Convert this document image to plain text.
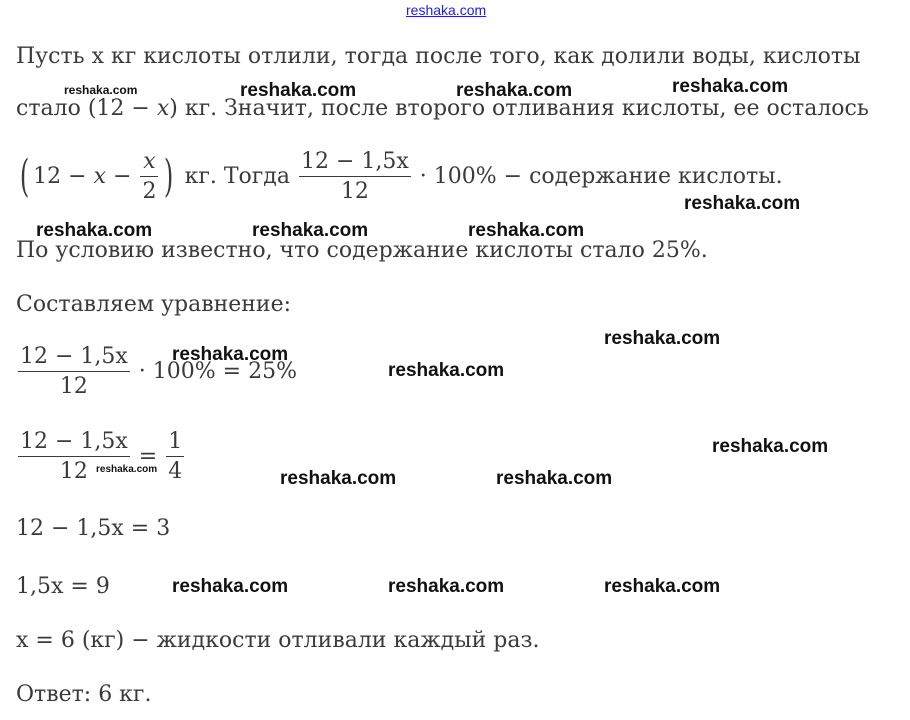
reshaka.com
Пусть x кг кислоты отлили, тогда после того, как долили воды, кислоты
стало (12 − x) кг. Значит, после второго отливания кислоты, ее осталось
( $12 - x - \frac{x}{2}$ ) кг. Тогда $\frac{12 - 1,5x}{12} \cdot 100\%$ − содержание кислоты.
По условию известно, что содержание кислоты стало 25%.
Составляем уравнение:
$\frac{12 - 1,5x}{12} \cdot 100\% = 25\%$
$\frac{12 - 1,5x}{12} = \frac{1}{4}$
12 − 1,5x = 3
1,5x = 9
x = 6 (кг) − жидкости отливали каждый раз.
Ответ: 6 кг.
reshaka.com	reshaka.com	reshaka.com	reshaka.com
reshaka.com
reshaka.com	reshaka.com	reshaka.com
reshaka.com
reshaka.com
reshaka.com
reshaka.com
reshaka.com	reshaka.com	reshaka.com
reshaka.com	reshaka.com	reshaka.com
